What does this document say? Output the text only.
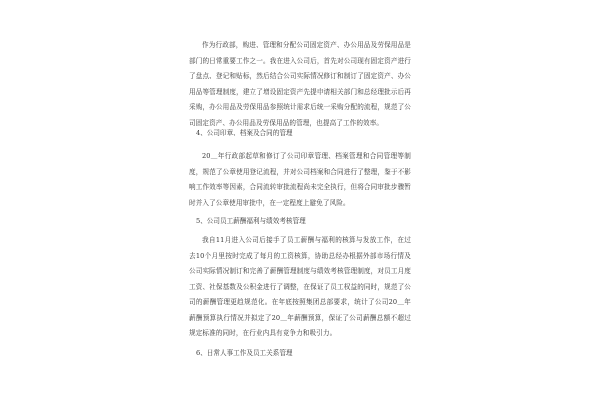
作为行政部，购进、管理和分配公司固定资产、办公用品及劳保用品是部门的日常重要工作之一。我在进入公司后，首先对公司现有固定资产进行了盘点、登记和贴标，然后结合公司实际情况修订和制订了固定资产、办公用品等管理制度，建立了增设固定资产先提申请相关部门和总经理批示后再采购，办公用品及劳保用品参照统计需求后统一采购分配的流程，规范了公司固定资产、办公用品及劳保用品的管理，也提高了工作的效率。

4、公司印章、档案及合同的管理

20＿年行政部起草和修订了公司印章管理、档案管理和合同管理等制度，规范了公章使用登记流程，并对公司档案和合同进行了整理，鉴于不影响工作效率等因素，合同流转审批流程尚未完全执行，但将合同审批步骤暂时并入了公章使用审批中，在一定程度上避免了风险。

5、公司员工薪酬福利与绩效考核管理

我自11月进入公司后接手了员工薪酬与福利的核算与发放工作，在过去10个月里按时完成了每月的工资核算，协助总经办根据外部市场行情及公司实际情况制订和完善了薪酬管理制度与绩效考核管理制度，对员工月度工资、社保基数及公积金进行了调整，在保证了员工权益的同时，规范了公司的薪酬管理更趋规范化。在年底按照集团总部要求，统计了公司20＿年薪酬预算执行情况并拟定了20＿年薪酬预算，保证了公司薪酬总额不超过规定标准的同时，在行业内具有竞争力和吸引力。

6、日常人事工作及员工关系管理
